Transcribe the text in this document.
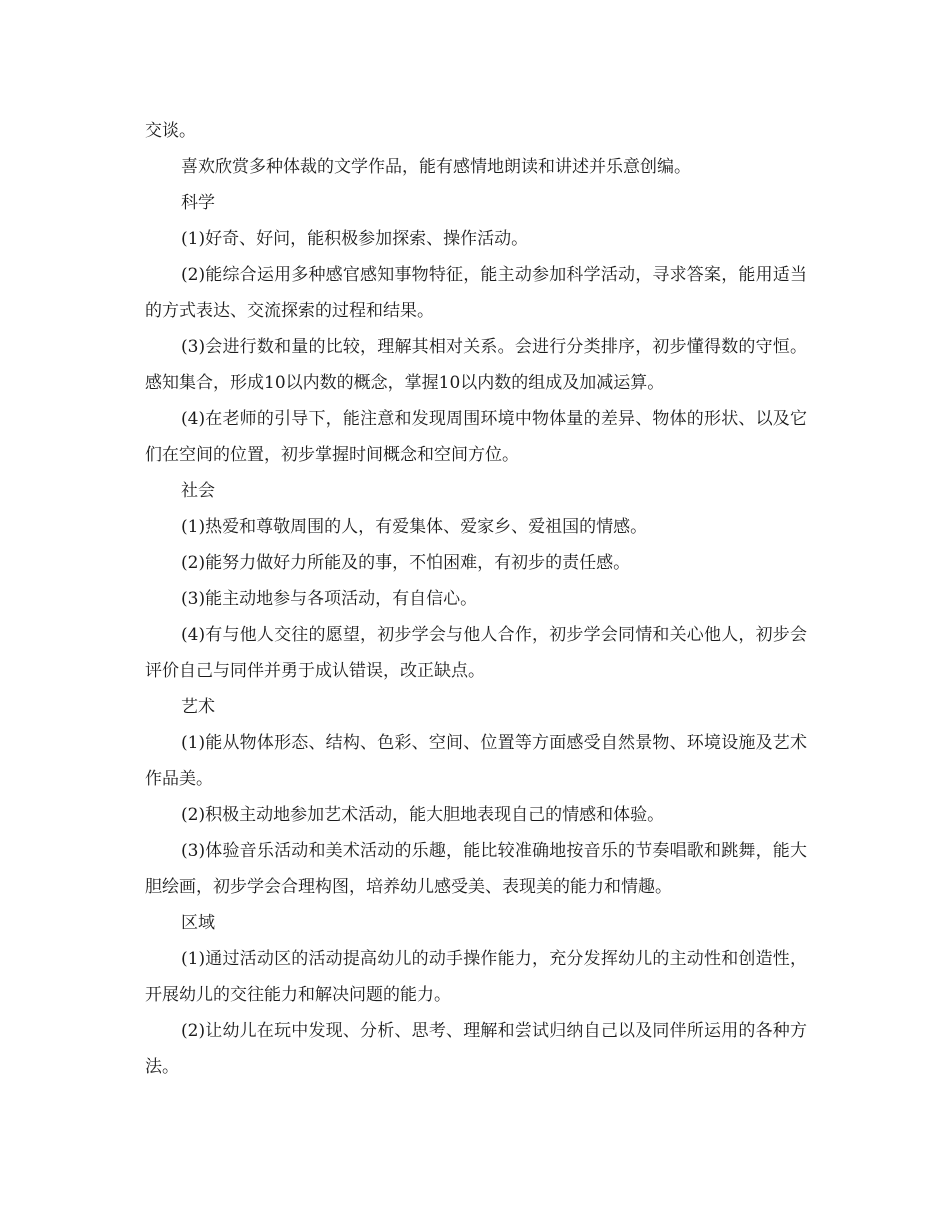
交谈。

喜欢欣赏多种体裁的文学作品，能有感情地朗读和讲述并乐意创编。

科学

(1)好奇、好问，能积极参加探索、操作活动。

(2)能综合运用多种感官感知事物特征，能主动参加科学活动，寻求答案，能用适当的方式表达、交流探索的过程和结果。

(3)会进行数和量的比较，理解其相对关系。会进行分类排序，初步懂得数的守恒。感知集合，形成10以内数的概念，掌握10以内数的组成及加减运算。

(4)在老师的引导下，能注意和发现周围环境中物体量的差异、物体的形状、以及它们在空间的位置，初步掌握时间概念和空间方位。

社会

(1)热爱和尊敬周围的人，有爱集体、爱家乡、爱祖国的情感。

(2)能努力做好力所能及的事，不怕困难，有初步的责任感。

(3)能主动地参与各项活动，有自信心。

(4)有与他人交往的愿望，初步学会与他人合作，初步学会同情和关心他人，初步会评价自己与同伴并勇于成认错误，改正缺点。

艺术

(1)能从物体形态、结构、色彩、空间、位置等方面感受自然景物、环境设施及艺术作品美。

(2)积极主动地参加艺术活动，能大胆地表现自己的情感和体验。

(3)体验音乐活动和美术活动的乐趣，能比较准确地按音乐的节奏唱歌和跳舞，能大胆绘画，初步学会合理构图，培养幼儿感受美、表现美的能力和情趣。

区域

(1)通过活动区的活动提高幼儿的动手操作能力，充分发挥幼儿的主动性和创造性，开展幼儿的交往能力和解决问题的能力。

(2)让幼儿在玩中发现、分析、思考、理解和尝试归纳自己以及同伴所运用的各种方法。
